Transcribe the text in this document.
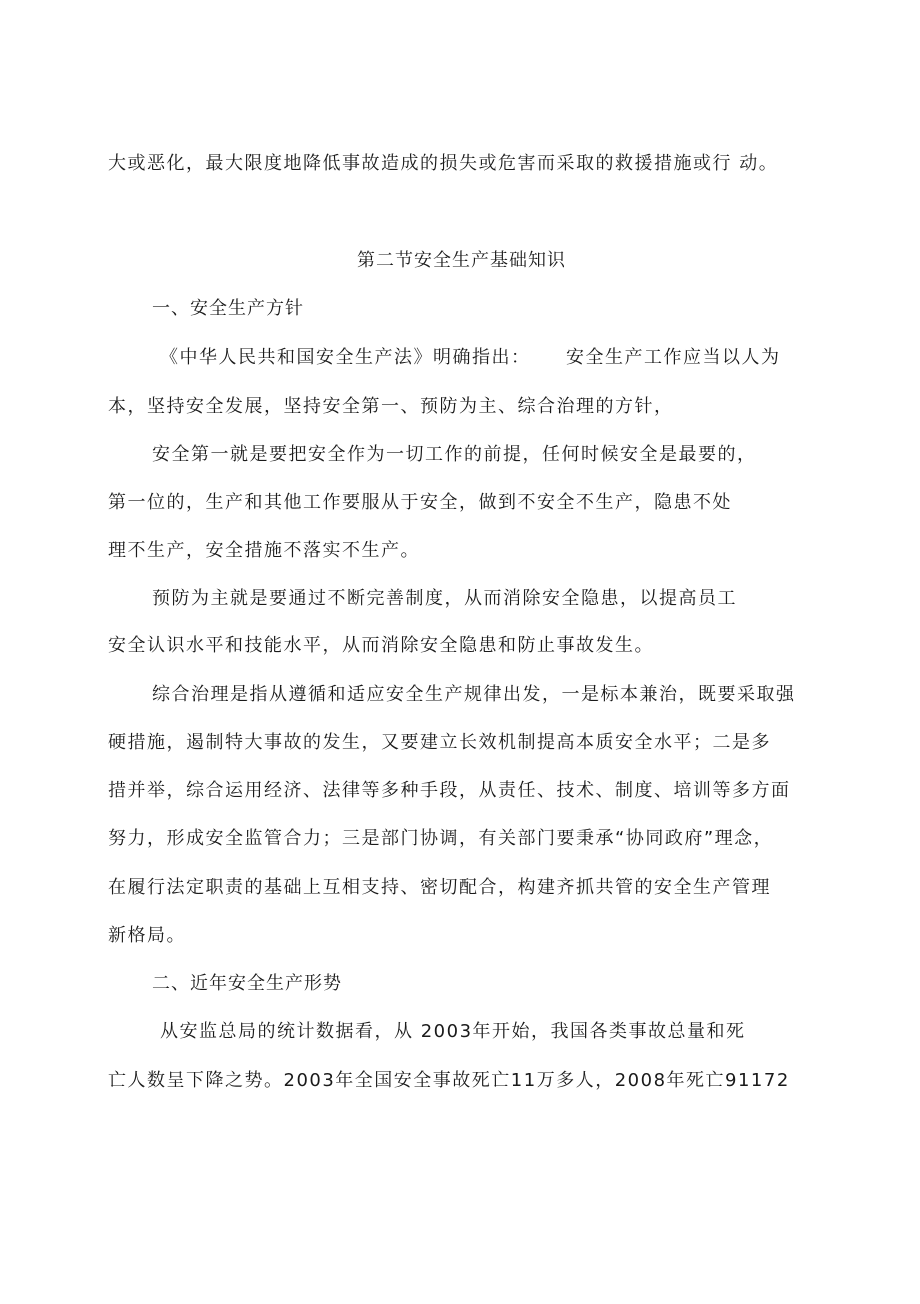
大或恶化，最大限度地降低事故造成的损失或危害而采取的救援措施或行 动。
第二节安全生产基础知识
一、安全生产方针
《中华人民共和国安全生产法》明确指出： 安全生产工作应当以人为
本，坚持安全发展，坚持安全第一、预防为主、综合治理的方针，
安全第一就是要把安全作为一切工作的前提，任何时候安全是最要的，
第一位的，生产和其他工作要服从于安全，做到不安全不生产，隐患不处
理不生产，安全措施不落实不生产。
预防为主就是要通过不断完善制度，从而消除安全隐患，以提高员工
安全认识水平和技能水平，从而消除安全隐患和防止事故发生。
综合治理是指从遵循和适应安全生产规律出发，一是标本兼治，既要采取强
硬措施，遏制特大事故的发生，又要建立长效机制提高本质安全水平；二是多
措并举，综合运用经济、法律等多种手段，从责任、技术、制度、培训等多方面
努力，形成安全监管合力；三是部门协调，有关部门要秉承“协同政府”理念，
在履行法定职责的基础上互相支持、密切配合，构建齐抓共管的安全生产管理
新格局。
二、近年安全生产形势
从安监总局的统计数据看，从 2003年开始，我国各类事故总量和死
亡人数呈下降之势。2003年全国安全事故死亡11万多人，2008年死亡91172
